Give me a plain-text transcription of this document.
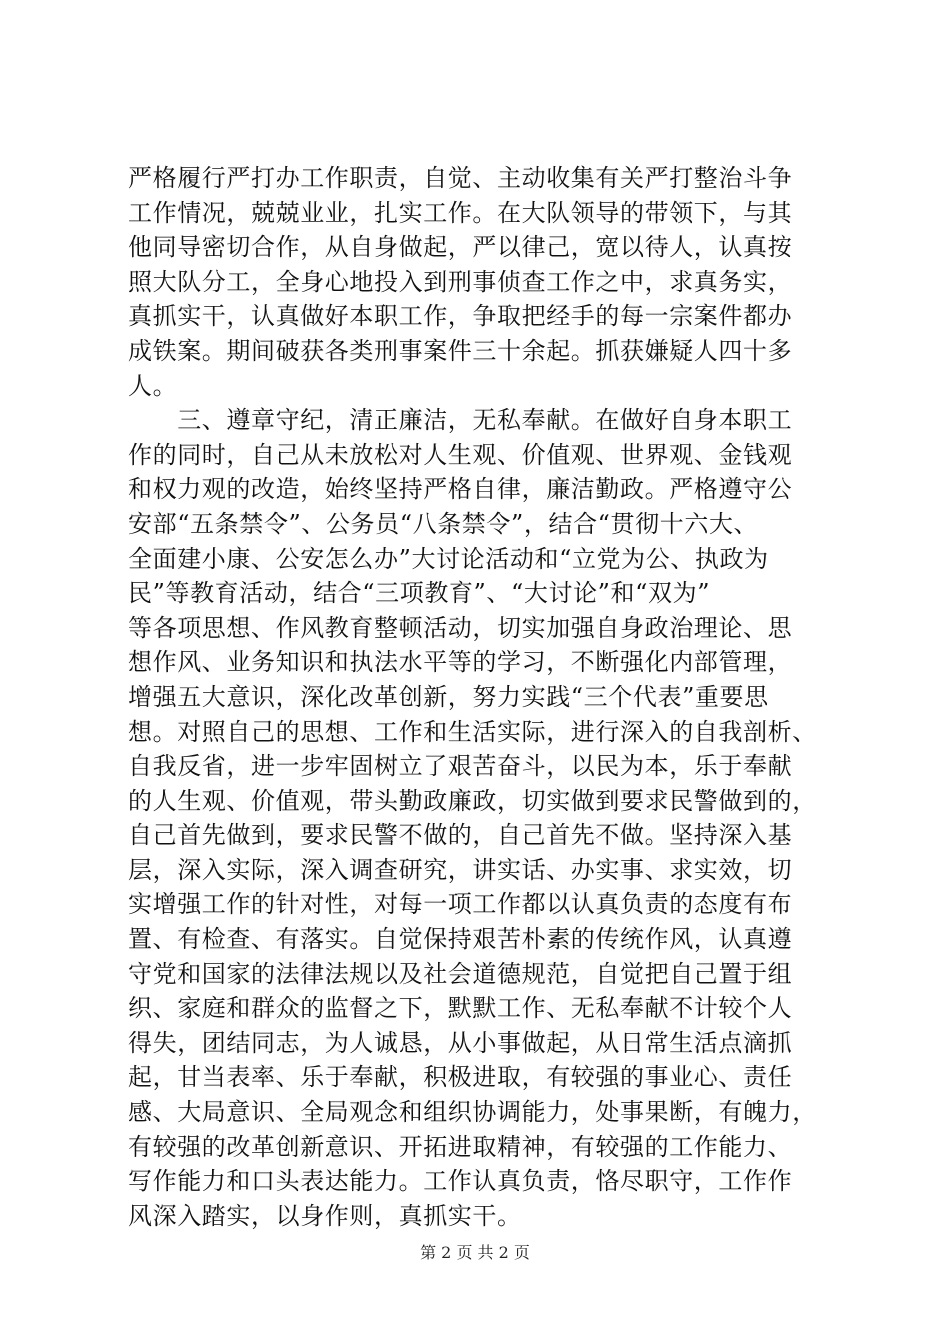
严格履行严打办工作职责，自觉、主动收集有关严打整治斗争
工作情况，兢兢业业，扎实工作。在大队领导的带领下，与其
他同导密切合作，从自身做起，严以律己，宽以待人，认真按
照大队分工，全身心地投入到刑事侦查工作之中，求真务实，
真抓实干，认真做好本职工作，争取把经手的每一宗案件都办
成铁案。期间破获各类刑事案件三十余起。抓获嫌疑人四十多
人。
　　三、遵章守纪，清正廉洁，无私奉献。在做好自身本职工
作的同时，自己从未放松对人生观、价值观、世界观、金钱观
和权力观的改造，始终坚持严格自律，廉洁勤政。严格遵守公
安部“五条禁令”、公务员“八条禁令”，结合“贯彻十六大、
全面建小康、公安怎么办”大讨论活动和“立党为公、执政为
民”等教育活动，结合“三项教育”、“大讨论”和“双为”
等各项思想、作风教育整顿活动，切实加强自身政治理论、思
想作风、业务知识和执法水平等的学习，不断强化内部管理，
增强五大意识，深化改革创新，努力实践“三个代表”重要思
想。对照自己的思想、工作和生活实际，进行深入的自我剖析、
自我反省，进一步牢固树立了艰苦奋斗，以民为本，乐于奉献
的人生观、价值观，带头勤政廉政，切实做到要求民警做到的，
自己首先做到，要求民警不做的，自己首先不做。坚持深入基
层，深入实际，深入调查研究，讲实话、办实事、求实效，切
实增强工作的针对性，对每一项工作都以认真负责的态度有布
置、有检查、有落实。自觉保持艰苦朴素的传统作风，认真遵
守党和国家的法律法规以及社会道德规范，自觉把自己置于组
织、家庭和群众的监督之下，默默工作、无私奉献不计较个人
得失，团结同志，为人诚恳，从小事做起，从日常生活点滴抓
起，甘当表率、乐于奉献，积极进取，有较强的事业心、责任
感、大局意识、全局观念和组织协调能力，处事果断，有魄力，
有较强的改革创新意识、开拓进取精神，有较强的工作能力、
写作能力和口头表达能力。工作认真负责，恪尽职守，工作作
风深入踏实，以身作则，真抓实干。
第 2 页 共 2 页
